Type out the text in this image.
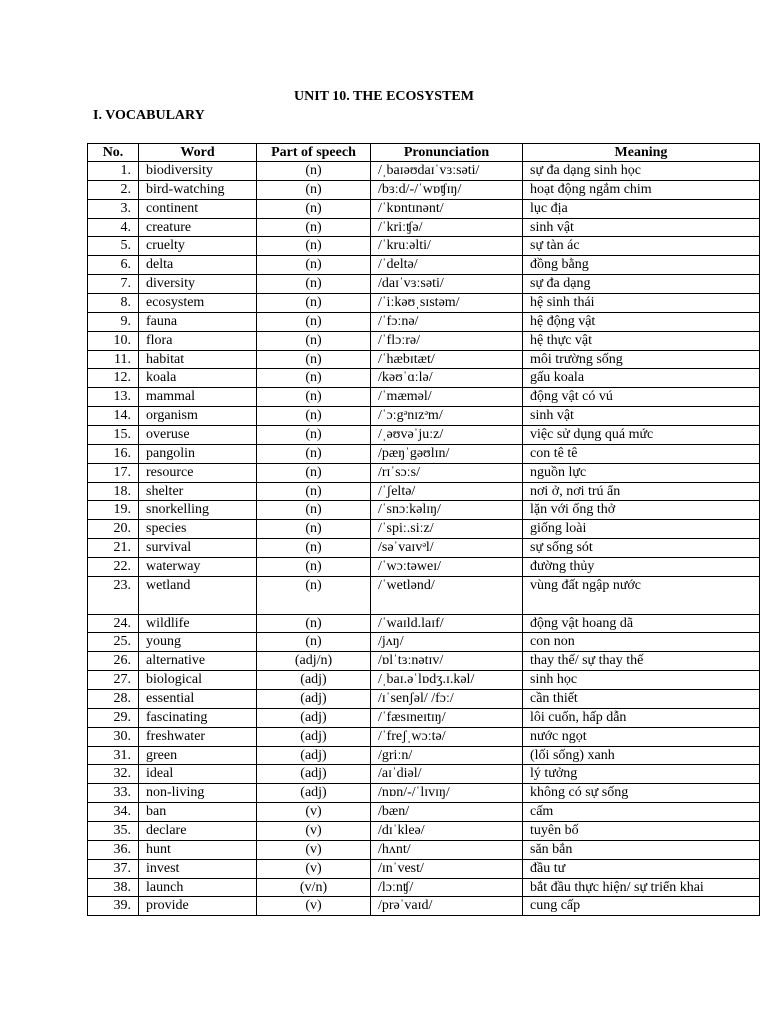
UNIT 10. THE ECOSYSTEM
I. VOCABULARY
No.	Word	Part of speech	Pronunciation	Meaning
1.	biodiversity	(n)	/ˌbaɪəʊdaɪˈvɜːsəti/	sự đa dạng sinh học
2.	bird-watching	(n)	/bɜːd/-/ˈwɒʧɪŋ/	hoạt động ngắm chim
3.	continent	(n)	/ˈkɒntɪnənt/	lục địa
4.	creature	(n)	/ˈkriːʧə/	sinh vật
5.	cruelty	(n)	/ˈkruːəlti/	sự tàn ác
6.	delta	(n)	/ˈdeltə/	đồng bằng
7.	diversity	(n)	/daɪˈvɜːsəti/	sự đa dạng
8.	ecosystem	(n)	/ˈiːkəʊˌsɪstəm/	hệ sinh thái
9.	fauna	(n)	/ˈfɔːnə/	hệ động vật
10.	flora	(n)	/ˈflɔːrə/	hệ thực vật
11.	habitat	(n)	/ˈhæbɪtæt/	môi trường sống
12.	koala	(n)	/kəʊˈɑːlə/	gấu koala
13.	mammal	(n)	/ˈmæməl/	động vật có vú
14.	organism	(n)	/ˈɔːgᵊnɪzᵊm/	sinh vật
15.	overuse	(n)	/ˌəʊvəˈjuːz/	việc sử dụng quá mức
16.	pangolin	(n)	/pæŋˈgəʊlɪn/	con tê tê
17.	resource	(n)	/rɪˈsɔːs/	nguồn lực
18.	shelter	(n)	/ˈʃeltə/	nơi ở, nơi trú ẩn
19.	snorkelling	(n)	/ˈsnɔːkəlɪŋ/	lặn với ống thở
20.	species	(n)	/ˈspiː.siːz/	giống loài
21.	survival	(n)	/səˈvaɪvᵊl/	sự sống sót
22.	waterway	(n)	/ˈwɔːtəweɪ/	đường thủy
23.	wetland	(n)	/ˈwetlənd/	vùng đất ngập nước
24.	wildlife	(n)	/ˈwaɪld.laɪf/	động vật hoang dã
25.	young	(n)	/jʌŋ/	con non
26.	alternative	(adj/n)	/ɒlˈtɜːnətɪv/	thay thế/ sự thay thế
27.	biological	(adj)	/ˌbaɪ.əˈlɒdʒ.ɪ.kəl/	sinh học
28.	essential	(adj)	/ɪˈsenʃəl/ /fɔː/	cần thiết
29.	fascinating	(adj)	/ˈfæsɪneɪtɪŋ/	lôi cuốn, hấp dẫn
30.	freshwater	(adj)	/ˈfreʃˌwɔːtə/	nước ngọt
31.	green	(adj)	/griːn/	(lối sống) xanh
32.	ideal	(adj)	/aɪˈdiəl/	lý tưởng
33.	non-living	(adj)	/nɒn/-/ˈlɪvɪŋ/	không có sự sống
34.	ban	(v)	/bæn/	cấm
35.	declare	(v)	/dɪˈkleə/	tuyên bố
36.	hunt	(v)	/hʌnt/	săn bắn
37.	invest	(v)	/ɪnˈvest/	đầu tư
38.	launch	(v/n)	/lɔːnʧ/	bắt đầu thực hiện/ sự triển khai
39.	provide	(v)	/prəˈvaɪd/	cung cấp
